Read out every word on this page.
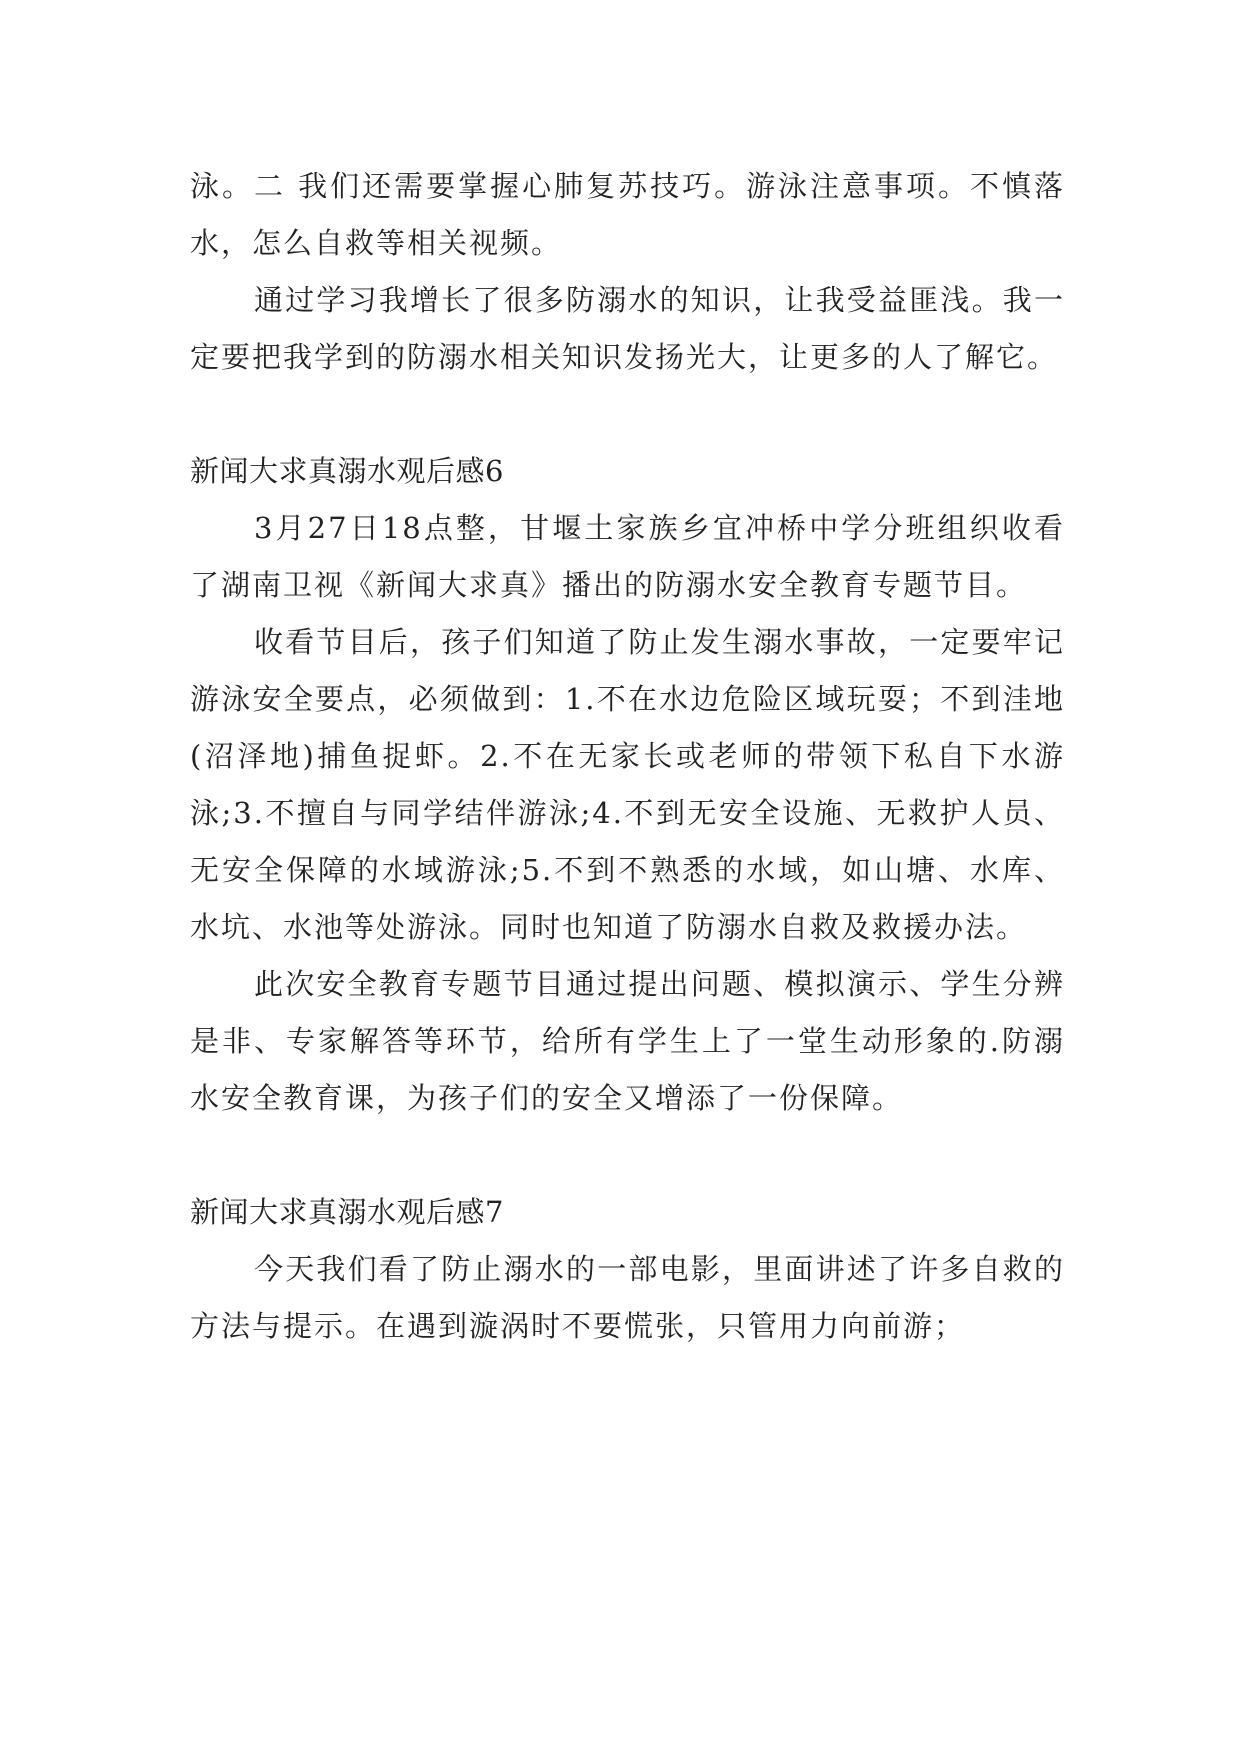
泳。二 我们还需要掌握心肺复苏技巧。游泳注意事项。不慎落水，怎么自救等相关视频。

通过学习我增长了很多防溺水的知识，让我受益匪浅。我一定要把我学到的防溺水相关知识发扬光大，让更多的人了解它。

新闻大求真溺水观后感6

3月27日18点整，甘堰土家族乡宜冲桥中学分班组织收看了湖南卫视《新闻大求真》播出的防溺水安全教育专题节目。

收看节目后，孩子们知道了防止发生溺水事故，一定要牢记游泳安全要点，必须做到：1.不在水边危险区域玩耍；不到洼地(沼泽地)捕鱼捉虾。2.不在无家长或老师的带领下私自下水游泳;3.不擅自与同学结伴游泳;4.不到无安全设施、无救护人员、无安全保障的水域游泳;5.不到不熟悉的水域，如山塘、水库、水坑、水池等处游泳。同时也知道了防溺水自救及救援办法。

此次安全教育专题节目通过提出问题、模拟演示、学生分辨是非、专家解答等环节，给所有学生上了一堂生动形象的.防溺水安全教育课，为孩子们的安全又增添了一份保障。

新闻大求真溺水观后感7

今天我们看了防止溺水的一部电影，里面讲述了许多自救的方法与提示。在遇到漩涡时不要慌张，只管用力向前游；
